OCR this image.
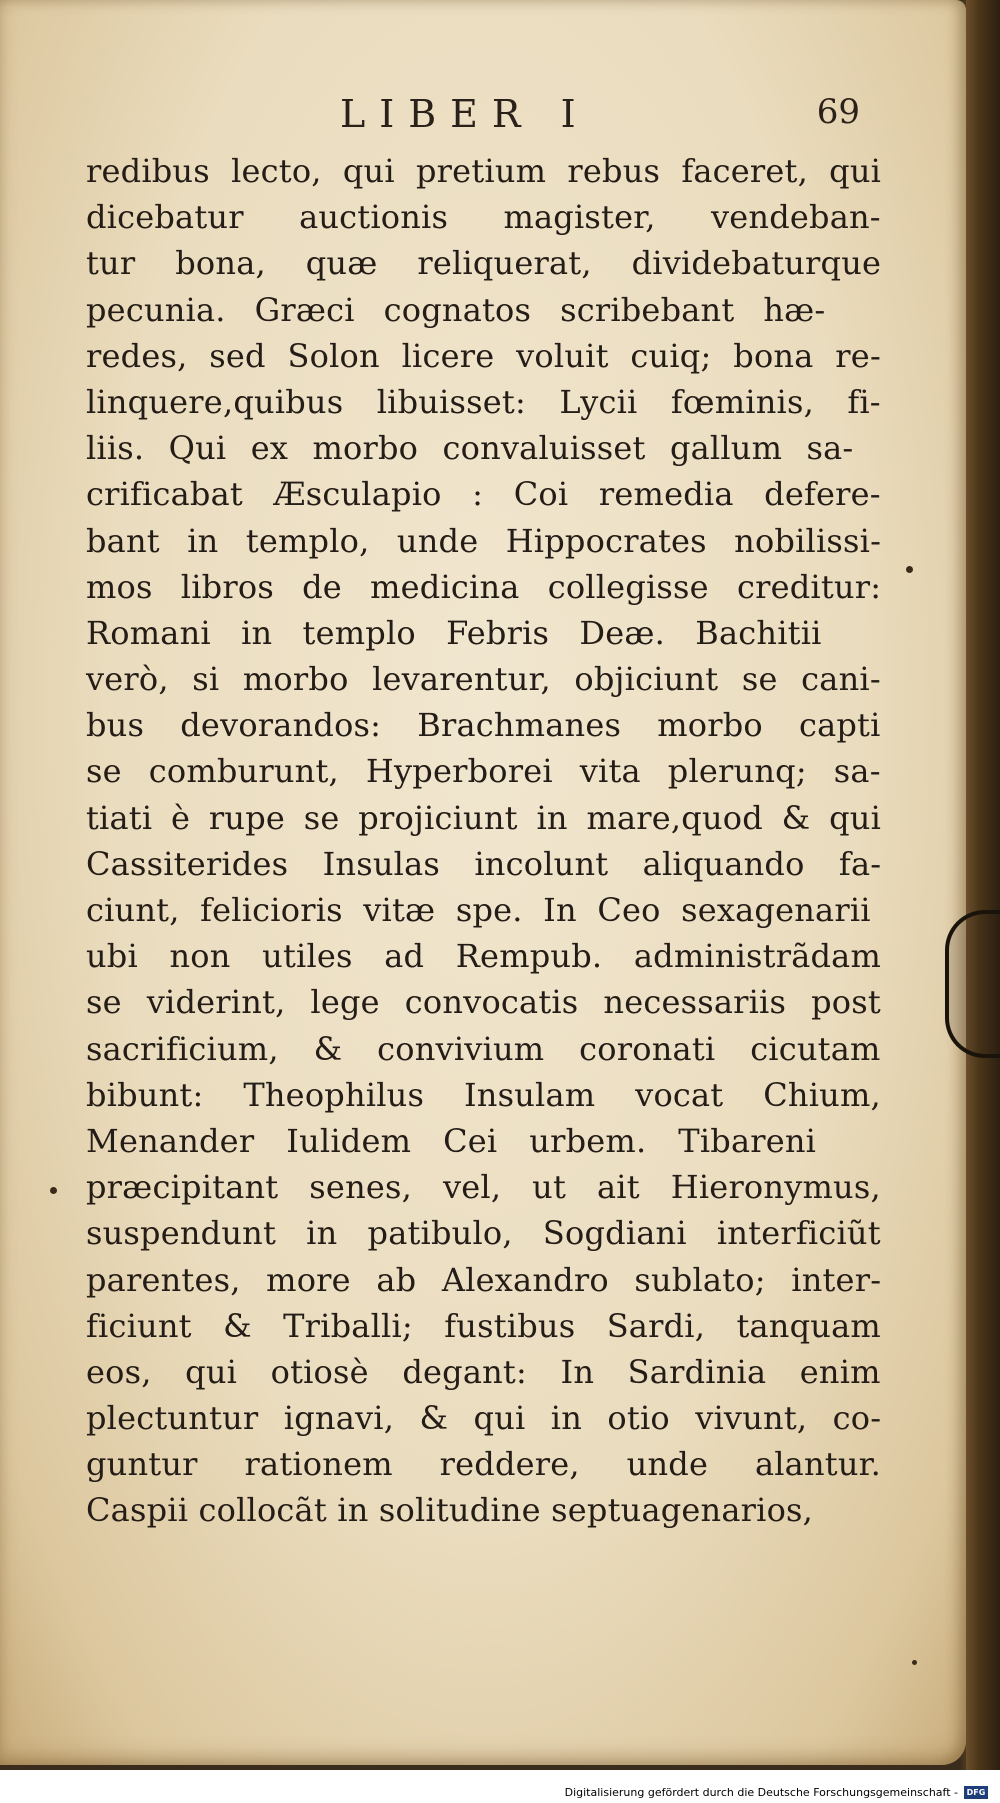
LIBER I	69
redibus lecto, qui pretium rebus faceret, qui
dicebatur auctionis magister, vendeban-
tur bona, quæ reliquerat, dividebaturque
pecunia. Græci cognatos scribebant hæ-
redes, sed Solon licere voluit cuiq; bona re-
linquere,quibus libuisset: Lycii fœminis, fi-
liis. Qui ex morbo convaluisset gallum sa-
crificabat Æsculapio : Coi remedia defere-
bant in templo, unde Hippocrates nobilissi-
mos libros de medicina collegisse creditur:
Romani in templo Febris Deæ. Bachitii
verò, si morbo levarentur, objiciunt se cani-
bus devorandos: Brachmanes morbo capti
se comburunt, Hyperborei vita plerunq; sa-
tiati è rupe se projiciunt in mare,quod & qui
Cassiterides Insulas incolunt aliquando fa-
ciunt, felicioris vitæ spe. In Ceo sexagenarii
ubi non utiles ad Rempub. administrãdam
se viderint, lege convocatis necessariis post
sacrificium, & convivium coronati cicutam
bibunt: Theophilus Insulam vocat Chium,
Menander Iulidem Cei urbem. Tibareni
præcipitant senes, vel, ut ait Hieronymus,
suspendunt in patibulo, Sogdiani interficiũt
parentes, more ab Alexandro sublato; inter-
ficiunt & Triballi; fustibus Sardi, tanquam
eos, qui otiosè degant: In Sardinia enim
plectuntur ignavi, & qui in otio vivunt, co-
guntur rationem reddere, unde alantur.
Caspii collocãt in solitudine septuagenarios,
Digitalisierung gefördert durch die Deutsche Forschungsgemeinschaft -	DFG
